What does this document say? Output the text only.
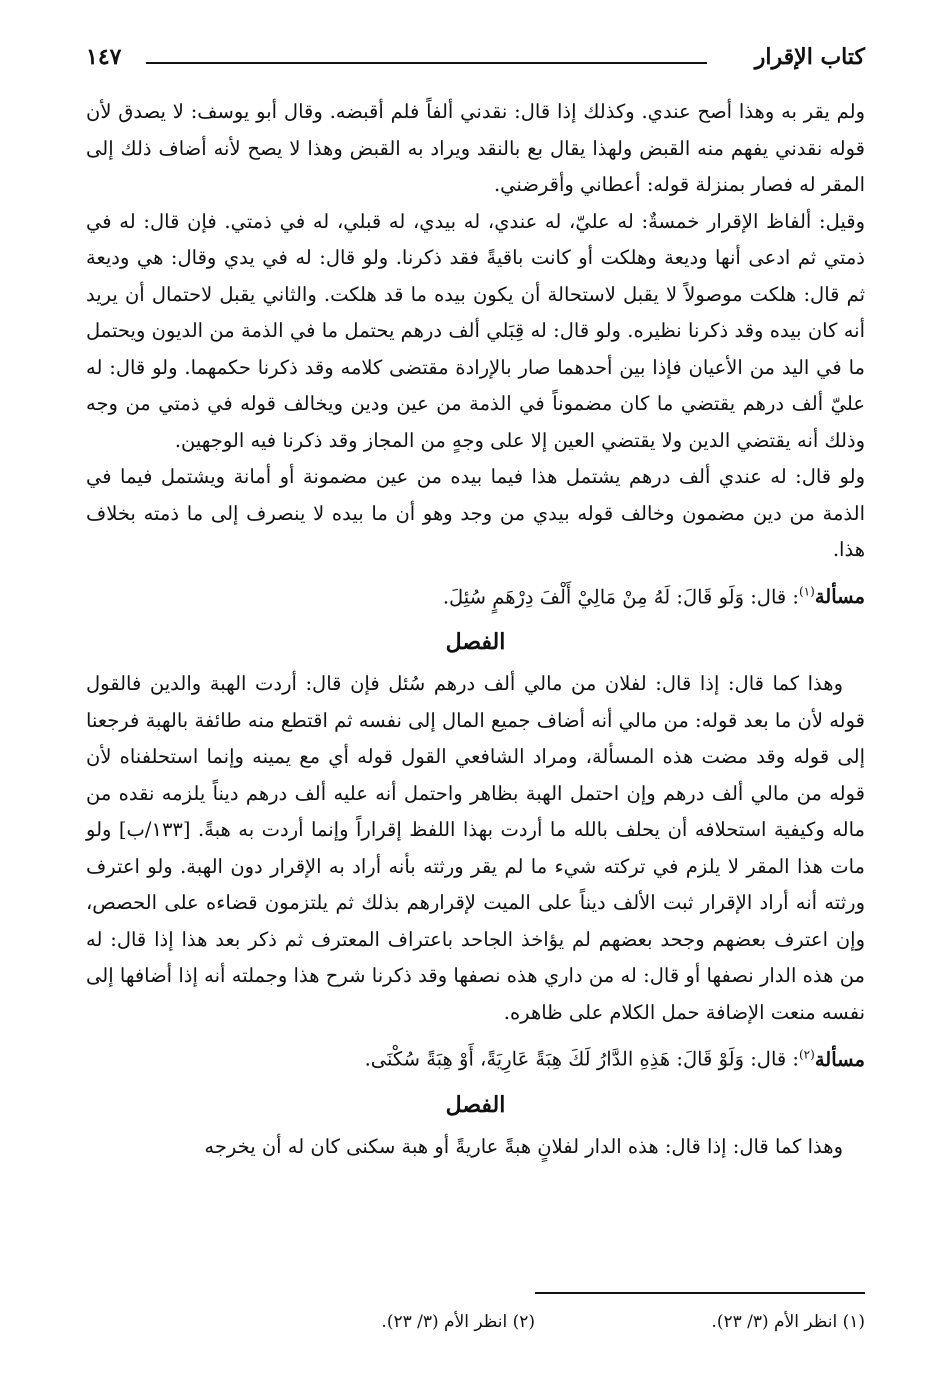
كتاب الإقرار
١٤٧

ولم يقر به وهذا أصح عندي. وكذلك إذا قال: نقدني ألفاً فلم أقبضه. وقال أبو يوسف: لا يصدق لأن قوله نقدني يفهم منه القبض ولهذا يقال بع بالنقد ويراد به القبض وهذا لا يصح لأنه أضاف ذلك إلى المقر له فصار بمنزلة قوله: أعطاني وأقرضني.

وقيل: ألفاظ الإقرار خمسةٌ: له عليّ، له عندي، له بيدي، له قبلي، له في ذمتي. فإن قال: له في ذمتي ثم ادعى أنها وديعة وهلكت أو كانت باقيةً فقد ذكرنا. ولو قال: له في يدي وقال: هي وديعة ثم قال: هلكت موصولاً لا يقبل لاستحالة أن يكون بيده ما قد هلكت. والثاني يقبل لاحتمال أن يريد أنه كان بيده وقد ذكرنا نظيره. ولو قال: له قِبَلي ألف درهم يحتمل ما في الذمة من الديون ويحتمل ما في اليد من الأعيان فإذا بين أحدهما صار بالإرادة مقتضى كلامه وقد ذكرنا حكمهما. ولو قال: له عليّ ألف درهم يقتضي ما كان مضموناً في الذمة من عين ودين ويخالف قوله في ذمتي من وجه وذلك أنه يقتضي الدين ولا يقتضي العين إلا على وجهٍ من المجاز وقد ذكرنا فيه الوجهين.

ولو قال: له عندي ألف درهم يشتمل هذا فيما بيده من عين مضمونة أو أمانة ويشتمل فيما في الذمة من دين مضمون وخالف قوله بيدي من وجد وهو أن ما بيده لا ينصرف إلى ما ذمته بخلاف هذا.

مسألة$^{(١)}$: قال: وَلَو قَالَ: لَهُ مِنْ مَالِيْ أَلْفَ دِرْهَمٍ سُئِلَ.

الفصل

وهذا كما قال: إذا قال: لفلان من مالي ألف درهم سُئل فإن قال: أردت الهبة والدين فالقول قوله لأن ما بعد قوله: من مالي أنه أضاف جميع المال إلى نفسه ثم اقتطع منه طائفة بالهبة فرجعنا إلى قوله وقد مضت هذه المسألة، ومراد الشافعي القول قوله أي مع يمينه وإنما استحلفناه لأن قوله من مالي ألف درهم وإن احتمل الهبة بظاهر واحتمل أنه عليه ألف درهم ديناً يلزمه نقده من ماله وكيفية استحلافه أن يحلف بالله ما أردت بهذا اللفظ إقراراً وإنما أردت به هبةً. [١٣٣/ب] ولو مات هذا المقر لا يلزم في تركته شيء ما لم يقر ورثته بأنه أراد به الإقرار دون الهبة. ولو اعترف ورثته أنه أراد الإقرار ثبت الألف ديناً على الميت لإقرارهم بذلك ثم يلتزمون قضاءه على الحصص، وإن اعترف بعضهم وجحد بعضهم لم يؤاخذ الجاحد باعتراف المعترف ثم ذكر بعد هذا إذا قال: له من هذه الدار نصفها أو قال: له من داري هذه نصفها وقد ذكرنا شرح هذا وجملته أنه إذا أضافها إلى نفسه منعت الإضافة حمل الكلام على ظاهره.

مسألة$^{(٢)}$: قال: وَلَوْ قَالَ: هَذِهِ الدَّارُ لَكَ هِبَةً عَارِيَةً، أَوْ هِبَةً سُكْنَى.

الفصل

وهذا كما قال: إذا قال: هذه الدار لفلانٍ هبةً عاريةً أو هبة سكنى كان له أن يخرجه

(١) انظر الأم (٣/ ٢٣).
(٢) انظر الأم (٣/ ٢٣).
